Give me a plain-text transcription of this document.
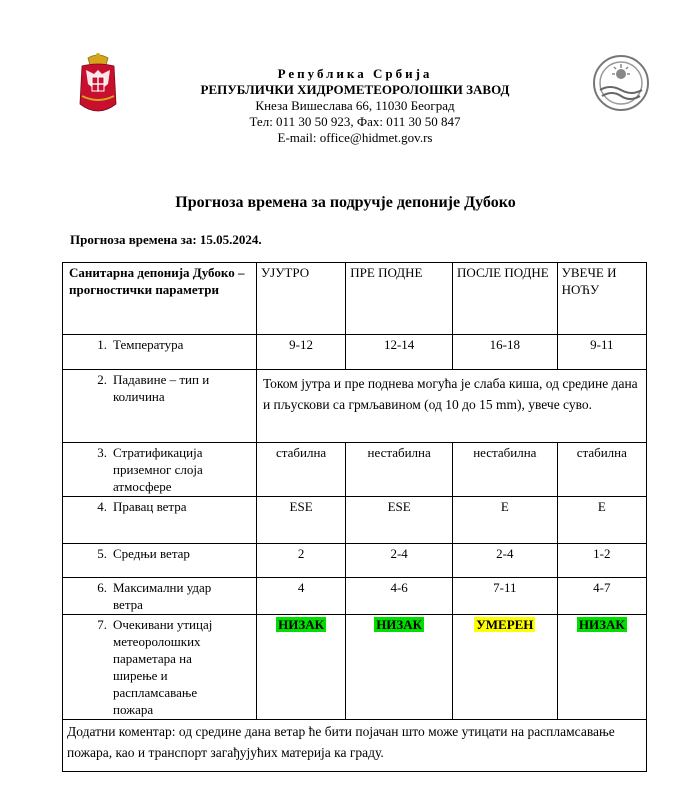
Република Србија
РЕПУБЛИЧКИ ХИДРОМЕТЕОРОЛОШКИ ЗАВОД
Кнеза Вишеслава 66, 11030 Београд
Тел: 011 30 50 923, Фах: 011 30 50 847
E-mail: office@hidmet.gov.rs
Прогноза времена за подручје депоније Дубоко
Прогноза времена за: 15.05.2024.
Санитарна депонија Дубоко – прогностички параметри	УЈУТРО	ПРЕ ПОДНЕ	ПОСЛЕ ПОДНЕ	УВЕЧЕ И НОЋУ
1. Температура	9-12	12-14	16-18	9-11
2. Падавине – тип и количина	Током јутра и пре поднева могућа је слаба киша, од средине дана и пљускови са грмљавином (од 10 до 15 mm), увече суво.			
3. Стратификација приземног слоја атмосфере	стабилна	нестабилна	нестабилна	стабилна
4. Правац ветра	ESE	ESE	E	E
5. Средњи ветар	2	2-4	2-4	1-2
6. Максимални удар ветра	4	4-6	7-11	4-7
7. Очекивани утицај метеоролошких параметара на ширење и распламсавање пожара	НИЗАК	НИЗАК	УМЕРЕН	НИЗАК
Додатни коментар: од средине дана ветар ће бити појачан што може утицати на распламсавање пожара, као и транспорт загађујућих материја ка граду.				
